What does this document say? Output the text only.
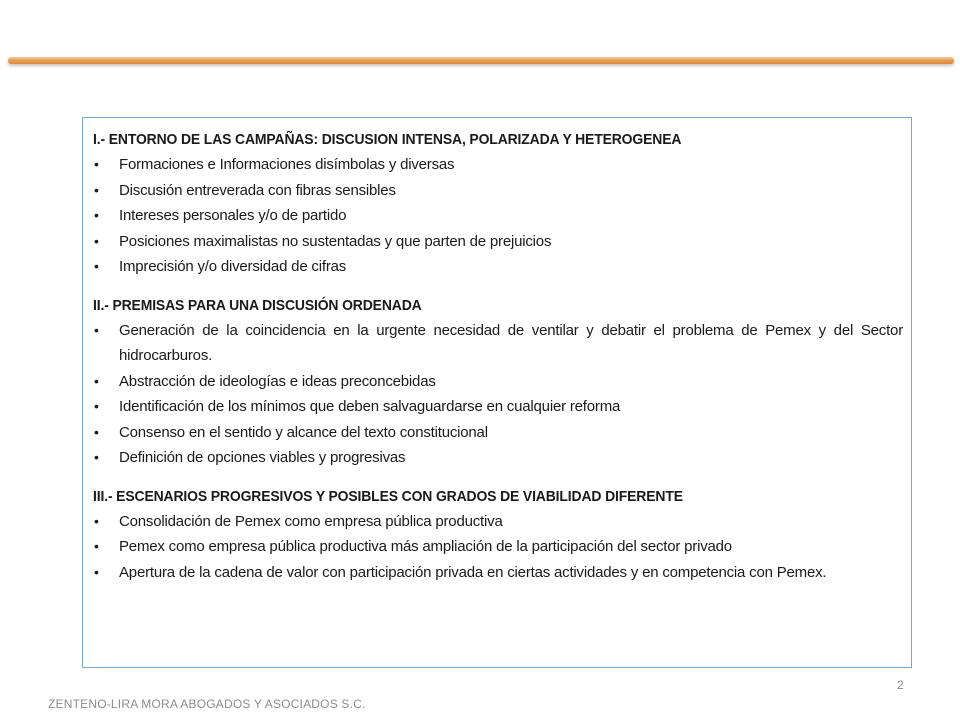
I.- ENTORNO DE LAS CAMPAÑAS: DISCUSION INTENSA, POLARIZADA Y HETEROGENEA
• Formaciones e Informaciones disímbolas y diversas
• Discusión entreverada con fibras sensibles
• Intereses personales y/o de partido
• Posiciones maximalistas no sustentadas y que parten de prejuicios
• Imprecisión y/o diversidad de cifras
II.- PREMISAS PARA UNA DISCUSIÓN ORDENADA
• Generación de la coincidencia en la urgente necesidad de ventilar y debatir el problema de Pemex y del Sector hidrocarburos.
• Abstracción de ideologías e ideas preconcebidas
• Identificación de los mínimos que deben salvaguardarse en cualquier reforma
• Consenso en el sentido y alcance del texto constitucional
• Definición de opciones viables y progresivas
III.- ESCENARIOS PROGRESIVOS Y POSIBLES CON GRADOS DE VIABILIDAD DIFERENTE
• Consolidación de Pemex como empresa pública productiva
• Pemex como empresa pública productiva más ampliación de la participación del sector privado
• Apertura de la cadena de valor con participación privada en ciertas actividades y en competencia con Pemex.
2
ZENTENO-LIRA MORA ABOGADOS Y ASOCIADOS S.C.
